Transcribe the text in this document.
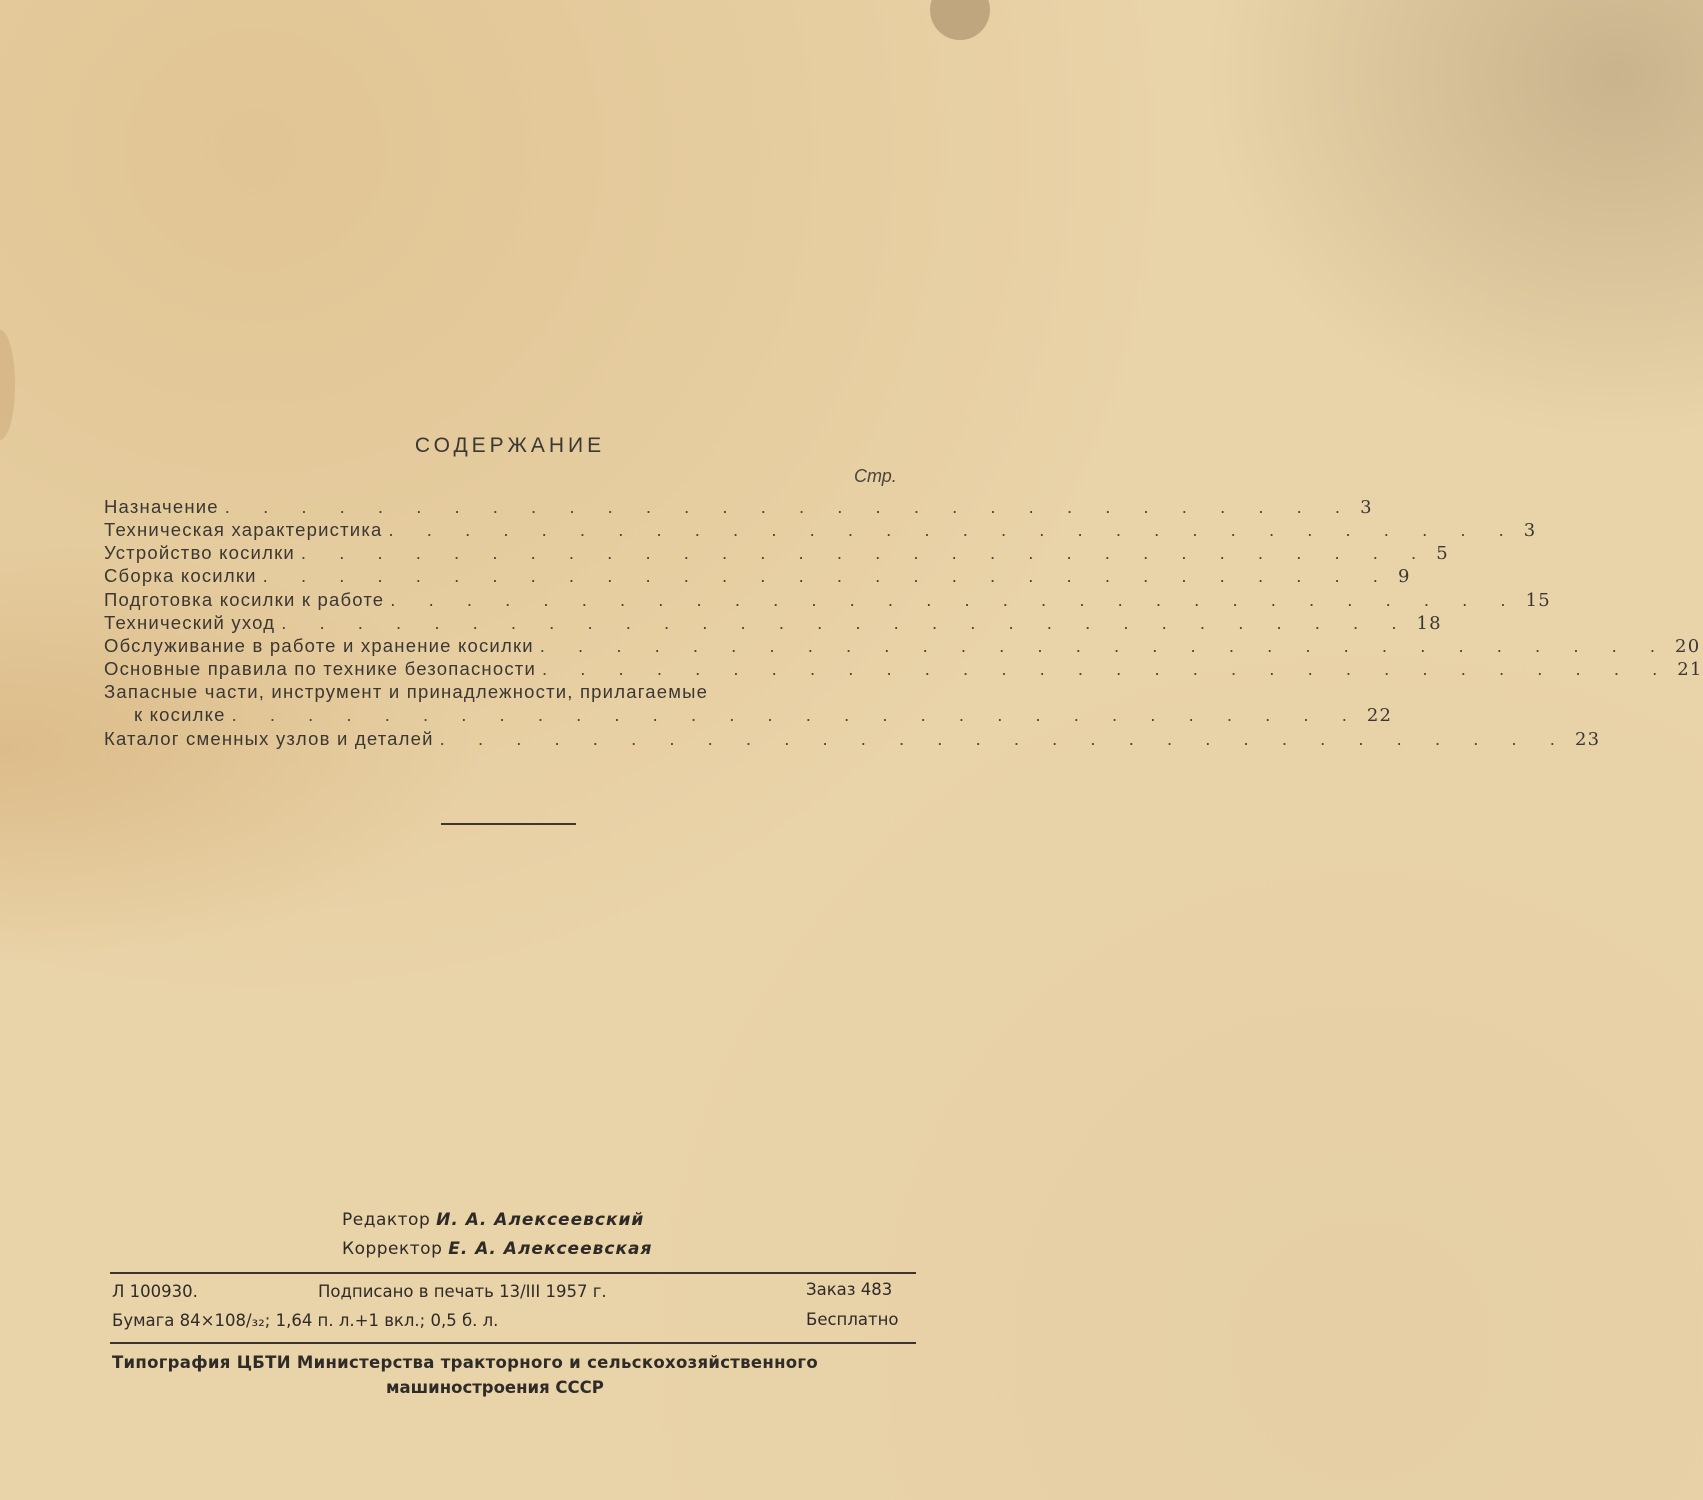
СОДЕРЖАНИЕ
Стр.
Назначение . . . . . . . . . . . . . . . . . . . . . . . . . . . . . . 3
Техническая характеристика . . . . . . . . . . . . . . . . . . . . . . . . . . . . . . 3
Устройство косилки . . . . . . . . . . . . . . . . . . . . . . . . . . . . . . 5
Сборка косилки . . . . . . . . . . . . . . . . . . . . . . . . . . . . . . 9
Подготовка косилки к работе . . . . . . . . . . . . . . . . . . . . . . . . . . . . . . 15
Технический уход . . . . . . . . . . . . . . . . . . . . . . . . . . . . . . 18
Обслуживание в работе и хранение косилки . . . . . . . . . . . . . . . . . . . . . . . . . . . . . . 20
Основные правила по технике безопасности . . . . . . . . . . . . . . . . . . . . . . . . . . . . . . 21
Запасные части, инструмент и принадлежности, прилагаемые
к косилке . . . . . . . . . . . . . . . . . . . . . . . . . . . . . . 22
Каталог сменных узлов и деталей . . . . . . . . . . . . . . . . . . . . . . . . . . . . . . 23
Редактор И. А. Алексеевский
Корректор Е. А. Алексеевская
Л 100930.	Подписано в печать 13/III 1957 г.	Заказ 483
Бумага 84×108/₃₂; 1,64 п. л.+1 вкл.; 0,5 б. л.	Бесплатно
Типография ЦБТИ Министерства тракторного и сельскохозяйственного
машиностроения СССР
